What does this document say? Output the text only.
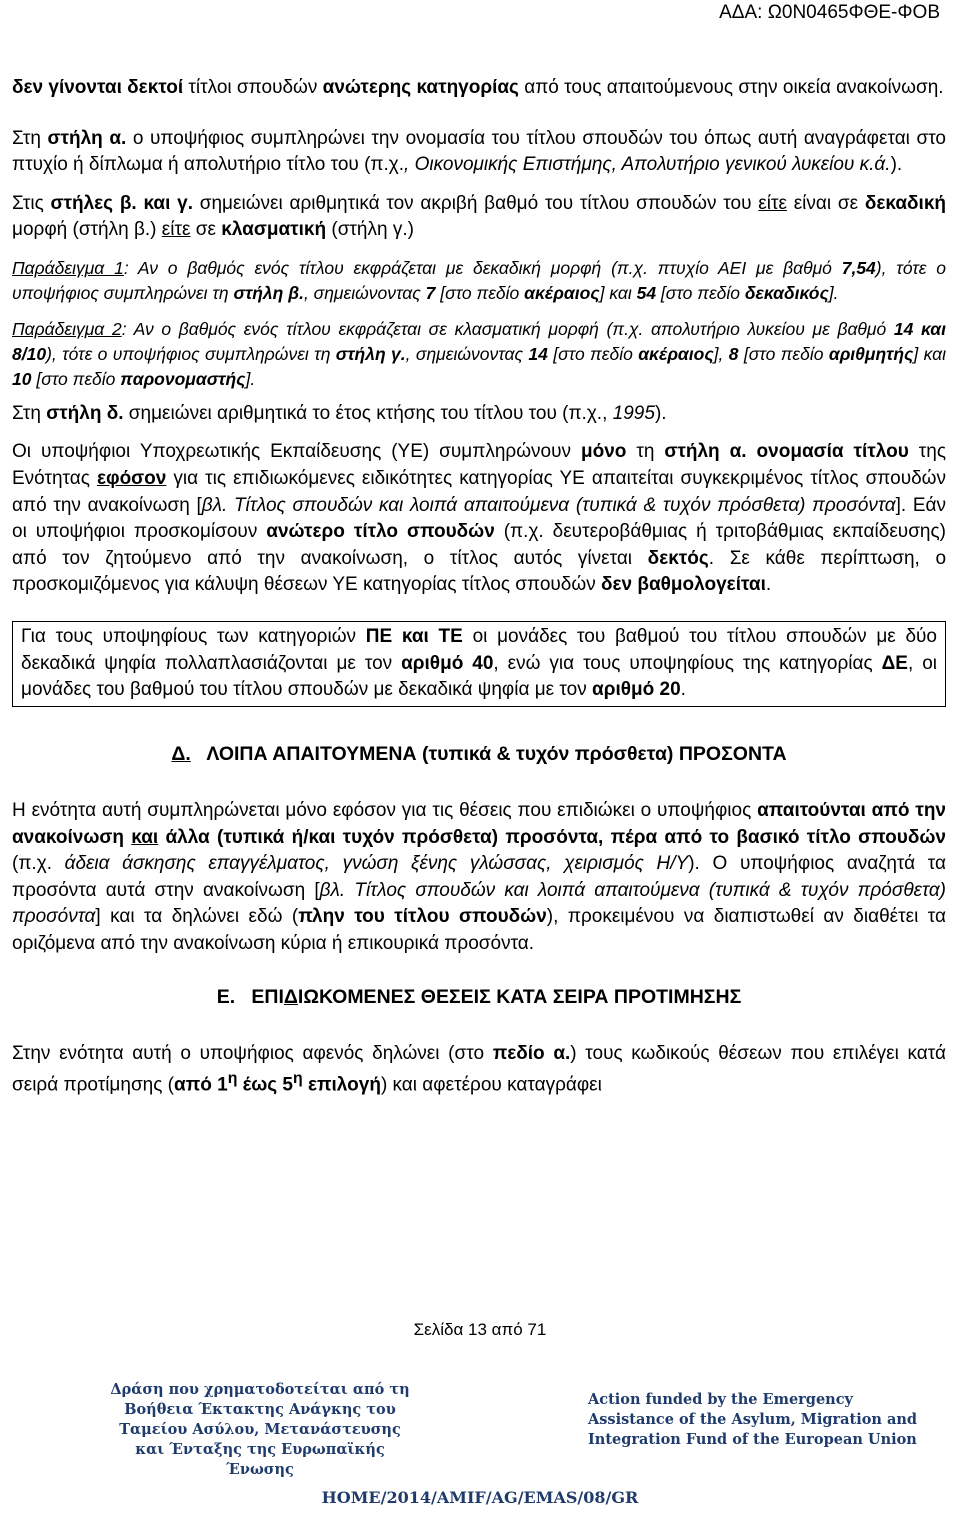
ΑΔΑ: Ω0Ν0465ΦΘΕ-ΦΟΒ

δεν γίνονται δεκτοί τίτλοι σπουδών ανώτερης κατηγορίας από τους απαιτούμενους στην οικεία ανακοίνωση.

Στη στήλη α. ο υποψήφιος συμπληρώνει την ονομασία του τίτλου σπουδών του όπως αυτή αναγράφεται στο πτυχίο ή δίπλωμα ή απολυτήριο τίτλο του (π.χ., Οικονομικής Επιστήμης, Απολυτήριο γενικού λυκείου κ.ά.).

Στις στήλες β. και γ. σημειώνει αριθμητικά τον ακριβή βαθμό του τίτλου σπουδών του είτε είναι σε δεκαδική μορφή (στήλη β.) είτε σε κλασματική (στήλη γ.)

Παράδειγμα 1: Αν ο βαθμός ενός τίτλου εκφράζεται με δεκαδική μορφή (π.χ. πτυχίο ΑΕΙ με βαθμό 7,54), τότε ο υποψήφιος συμπληρώνει τη στήλη β., σημειώνοντας 7 [στο πεδίο ακέραιος] και 54 [στο πεδίο δεκαδικός].

Παράδειγμα 2: Αν ο βαθμός ενός τίτλου εκφράζεται σε κλασματική μορφή (π.χ. απολυτήριο λυκείου με βαθμό 14 και 8/10), τότε ο υποψήφιος συμπληρώνει τη στήλη γ., σημειώνοντας 14 [στο πεδίο ακέραιος], 8 [στο πεδίο αριθμητής] και 10 [στο πεδίο παρονομαστής].

Στη στήλη δ. σημειώνει αριθμητικά το έτος κτήσης του τίτλου του (π.χ., 1995).

Οι υποψήφιοι Υποχρεωτικής Εκπαίδευσης (ΥΕ) συμπληρώνουν μόνο τη στήλη α. ονομασία τίτλου της Ενότητας εφόσον για τις επιδιωκόμενες ειδικότητες κατηγορίας ΥΕ απαιτείται συγκεκριμένος τίτλος σπουδών από την ανακοίνωση [βλ. Τίτλος σπουδών και λοιπά απαιτούμενα (τυπικά & τυχόν πρόσθετα) προσόντα]. Εάν οι υποψήφιοι προσκομίσουν ανώτερο τίτλο σπουδών (π.χ. δευτεροβάθμιας ή τριτοβάθμιας εκπαίδευσης) από τον ζητούμενο από την ανακοίνωση, ο τίτλος αυτός γίνεται δεκτός. Σε κάθε περίπτωση, ο προσκομιζόμενος για κάλυψη θέσεων ΥΕ κατηγορίας τίτλος σπουδών δεν βαθμολογείται.

Για τους υποψηφίους των κατηγοριών ΠΕ και ΤΕ οι μονάδες του βαθμού του τίτλου σπουδών με δύο δεκαδικά ψηφία πολλαπλασιάζονται με τον αριθμό 40, ενώ για τους υποψηφίους της κατηγορίας ΔΕ, οι μονάδες του βαθμού του τίτλου σπουδών με δεκαδικά ψηφία με τον αριθμό 20.

Δ.   ΛΟΙΠΑ ΑΠΑΙΤΟΥΜΕΝΑ (τυπικά & τυχόν πρόσθετα) ΠΡΟΣΟΝΤΑ

Η ενότητα αυτή συμπληρώνεται μόνο εφόσον για τις θέσεις που επιδιώκει ο υποψήφιος απαιτούνται από την ανακοίνωση και άλλα (τυπικά ή/και τυχόν πρόσθετα) προσόντα, πέρα από το βασικό τίτλο σπουδών (π.χ. άδεια άσκησης επαγγέλματος, γνώση ξένης γλώσσας, χειρισμός Η/Υ). Ο υποψήφιος αναζητά τα προσόντα αυτά στην ανακοίνωση [βλ. Τίτλος σπουδών και λοιπά απαιτούμενα (τυπικά & τυχόν πρόσθετα) προσόντα] και τα δηλώνει εδώ (πλην του τίτλου σπουδών), προκειμένου να διαπιστωθεί αν διαθέτει τα οριζόμενα από την ανακοίνωση κύρια ή επικουρικά προσόντα.

Ε.   ΕΠΙΔΙΩΚΟΜΕΝΕΣ ΘΕΣΕΙΣ ΚΑΤΑ ΣΕΙΡΑ ΠΡΟΤΙΜΗΣΗΣ

Στην ενότητα αυτή ο υποψήφιος αφενός δηλώνει (στο πεδίο α.) τους κωδικούς θέσεων που επιλέγει κατά σειρά προτίμησης (από $1^\eta$ έως $5^\eta$ επιλογή) και αφετέρου καταγράφει

Σελίδα 13 από 71
Δράση που χρηματοδοτείται από τη Βοήθεια Έκτακτης Ανάγκης του Ταμείου Ασύλου, Μετανάστευσης και Ένταξης της Ευρωπαϊκής Ένωσης
Action funded by the Emergency Assistance of the Asylum, Migration and Integration Fund of the European Union
HOME/2014/AMIF/AG/EMAS/08/GR
